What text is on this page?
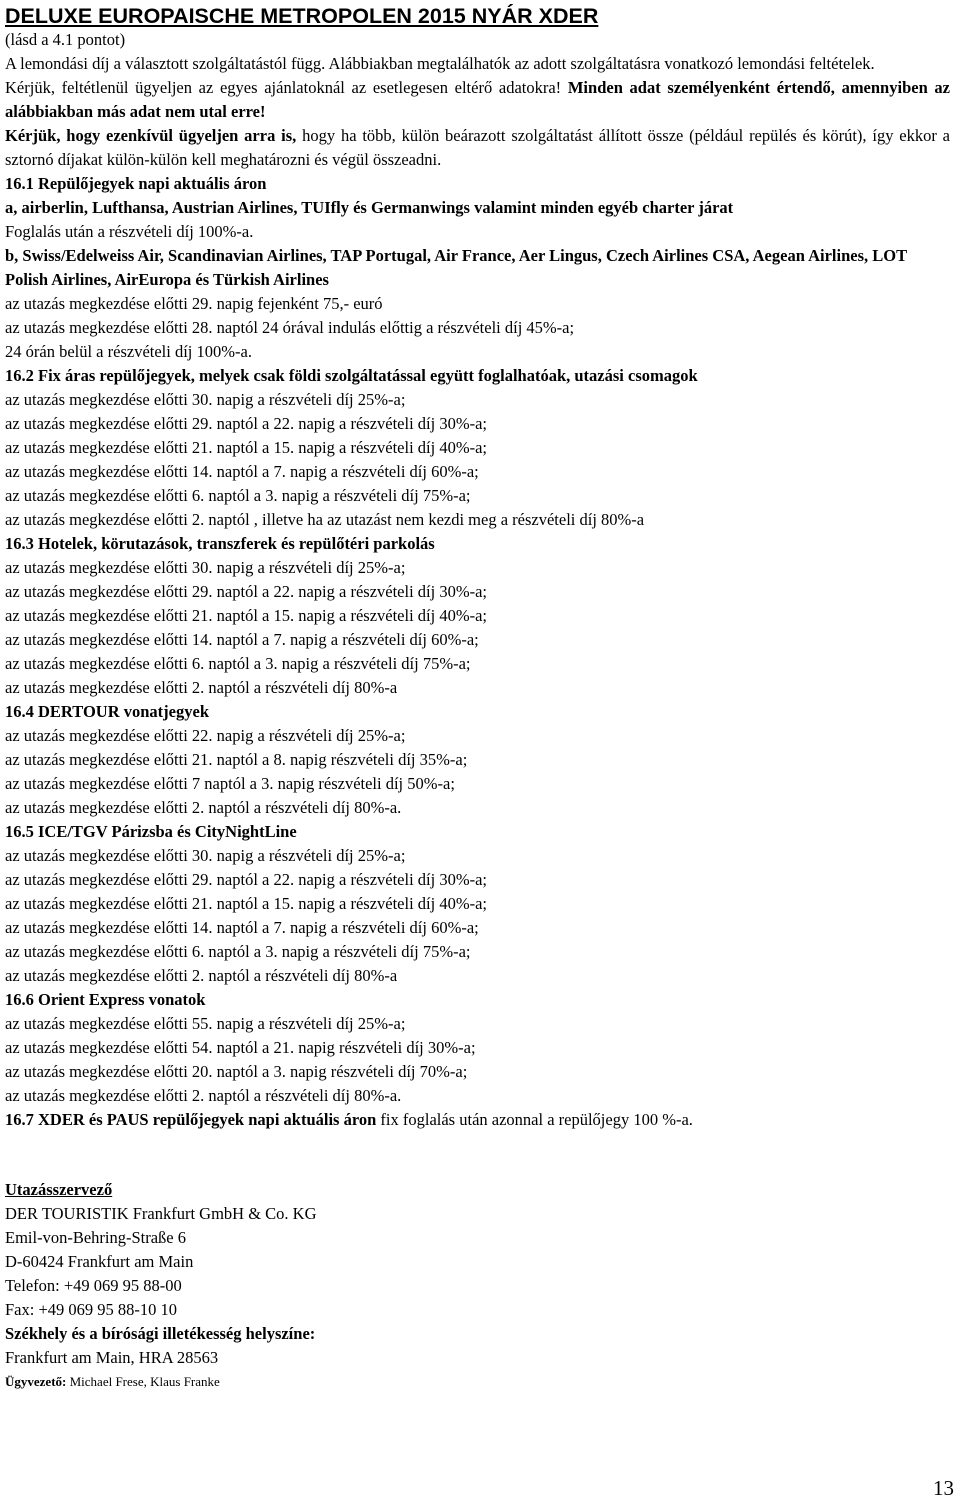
DELUXE EUROPAISCHE METROPOLEN 2015 NYÁR XDER

(lásd a 4.1 pontot)

A lemondási díj a választott szolgáltatástól függ. Alábbiakban megtalálhatók az adott szolgáltatásra vonatkozó lemondási feltételek.

Kérjük, feltétlenül ügyeljen az egyes ajánlatoknál az esetlegesen eltérő adatokra! Minden adat személyenként értendő, amennyiben az alábbiakban más adat nem utal erre!

Kérjük, hogy ezenkívül ügyeljen arra is, hogy ha több, külön beárazott szolgáltatást állított össze (például repülés és körút), így ekkor a sztornó díjakat külön-külön kell meghatározni és végül összeadni.

16.1 Repülőjegyek napi aktuális áron

a, airberlin, Lufthansa, Austrian Airlines, TUIfly és Germanwings valamint minden egyéb charter járat

Foglalás után a részvételi díj 100%-a.

b, Swiss/Edelweiss Air, Scandinavian Airlines, TAP Portugal, Air France, Aer Lingus, Czech Airlines CSA, Aegean Airlines, LOT Polish Airlines, AirEuropa és Türkish Airlines

az utazás megkezdése előtti 29. napig fejenként 75,- euró

az utazás megkezdése előtti 28. naptól 24 órával indulás előttig a részvételi díj 45%-a;

24 órán belül a részvételi díj 100%-a.

16.2 Fix áras repülőjegyek, melyek csak földi szolgáltatással együtt foglalhatóak, utazási csomagok

az utazás megkezdése előtti 30. napig a részvételi díj 25%-a;

az utazás megkezdése előtti 29. naptól a 22. napig a részvételi díj 30%-a;

az utazás megkezdése előtti 21. naptól a 15. napig a részvételi díj 40%-a;

az utazás megkezdése előtti 14. naptól a 7. napig a részvételi díj 60%-a;

az utazás megkezdése előtti 6. naptól a 3. napig a részvételi díj 75%-a;

az utazás megkezdése előtti 2. naptól , illetve ha az utazást nem kezdi meg a részvételi díj 80%-a

16.3 Hotelek, körutazások, transzferek és repülőtéri parkolás

az utazás megkezdése előtti 30. napig a részvételi díj 25%-a;

az utazás megkezdése előtti 29. naptól a 22. napig a részvételi díj 30%-a;

az utazás megkezdése előtti 21. naptól a 15. napig a részvételi díj 40%-a;

az utazás megkezdése előtti 14. naptól a 7. napig a részvételi díj 60%-a;

az utazás megkezdése előtti 6. naptól a 3. napig a részvételi díj 75%-a;

az utazás megkezdése előtti 2. naptól a részvételi díj 80%-a

16.4 DERTOUR vonatjegyek

az utazás megkezdése előtti 22. napig a részvételi díj 25%-a;

az utazás megkezdése előtti 21. naptól a 8. napig részvételi díj 35%-a;

az utazás megkezdése előtti 7 naptól a 3. napig részvételi díj 50%-a;

az utazás megkezdése előtti 2. naptól a részvételi díj 80%-a.

16.5 ICE/TGV Párizsba és CityNightLine

az utazás megkezdése előtti 30. napig a részvételi díj 25%-a;

az utazás megkezdése előtti 29. naptól a 22. napig a részvételi díj 30%-a;

az utazás megkezdése előtti 21. naptól a 15. napig a részvételi díj 40%-a;

az utazás megkezdése előtti 14. naptól a 7. napig a részvételi díj 60%-a;

az utazás megkezdése előtti 6. naptól a 3. napig a részvételi díj 75%-a;

az utazás megkezdése előtti 2. naptól a részvételi díj 80%-a

16.6 Orient Express vonatok

az utazás megkezdése előtti 55. napig a részvételi díj 25%-a;

az utazás megkezdése előtti 54. naptól a 21. napig részvételi díj 30%-a;

az utazás megkezdése előtti 20. naptól a 3. napig részvételi díj 70%-a;

az utazás megkezdése előtti 2. naptól a részvételi díj 80%-a.

16.7 XDER és PAUS repülőjegyek napi aktuális áron fix foglalás után azonnal a repülőjegy 100 %-a.

Utazásszervező

DER TOURISTIK Frankfurt GmbH & Co. KG

Emil-von-Behring-Straße 6

D-60424 Frankfurt am Main

Telefon: +49 069 95 88-00

Fax: +49 069 95 88-10 10

Székhely és a bírósági illetékesség helyszíne:

Frankfurt am Main, HRA 28563

Ügyvezető: Michael Frese, Klaus Franke

13
